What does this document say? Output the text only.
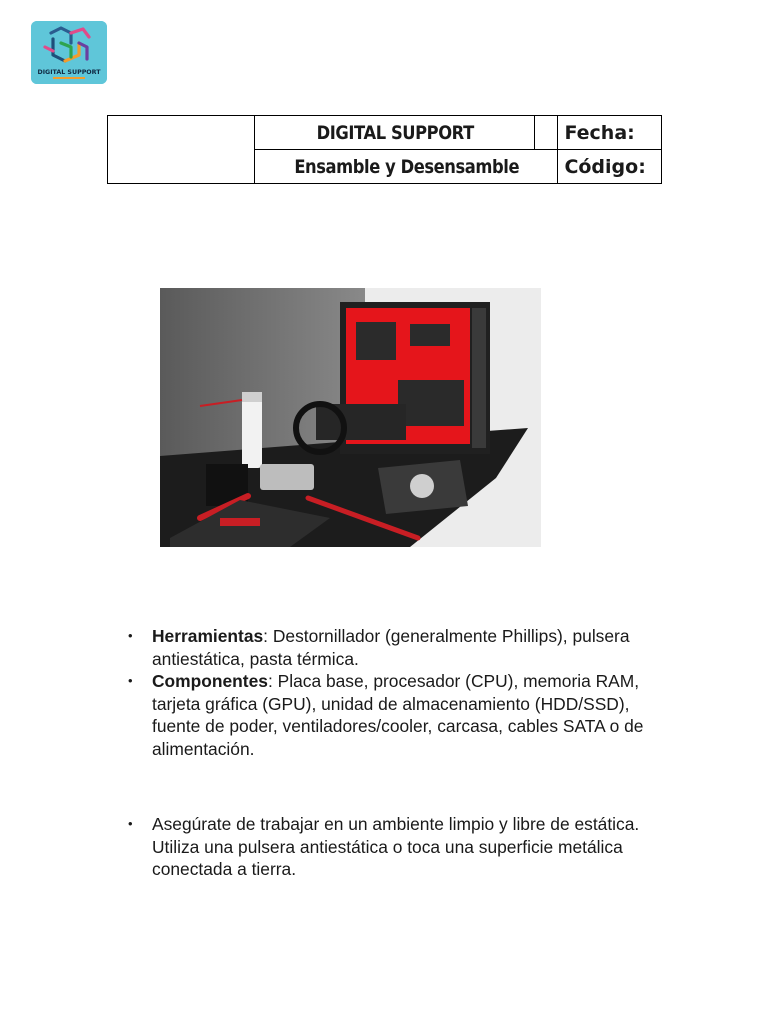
DIGITAL SUPPORT
	DIGITAL SUPPORT		Fecha:
	Ensamble y Desensamble		Código:
• Herramientas: Destornillador (generalmente Phillips), pulsera antiestática, pasta térmica.
• Componentes: Placa base, procesador (CPU), memoria RAM, tarjeta gráfica (GPU), unidad de almacenamiento (HDD/SSD), fuente de poder, ventiladores/cooler, carcasa, cables SATA o de alimentación.
• Asegúrate de trabajar en un ambiente limpio y libre de estática. Utiliza una pulsera antiestática o toca una superficie metálica conectada a tierra.
